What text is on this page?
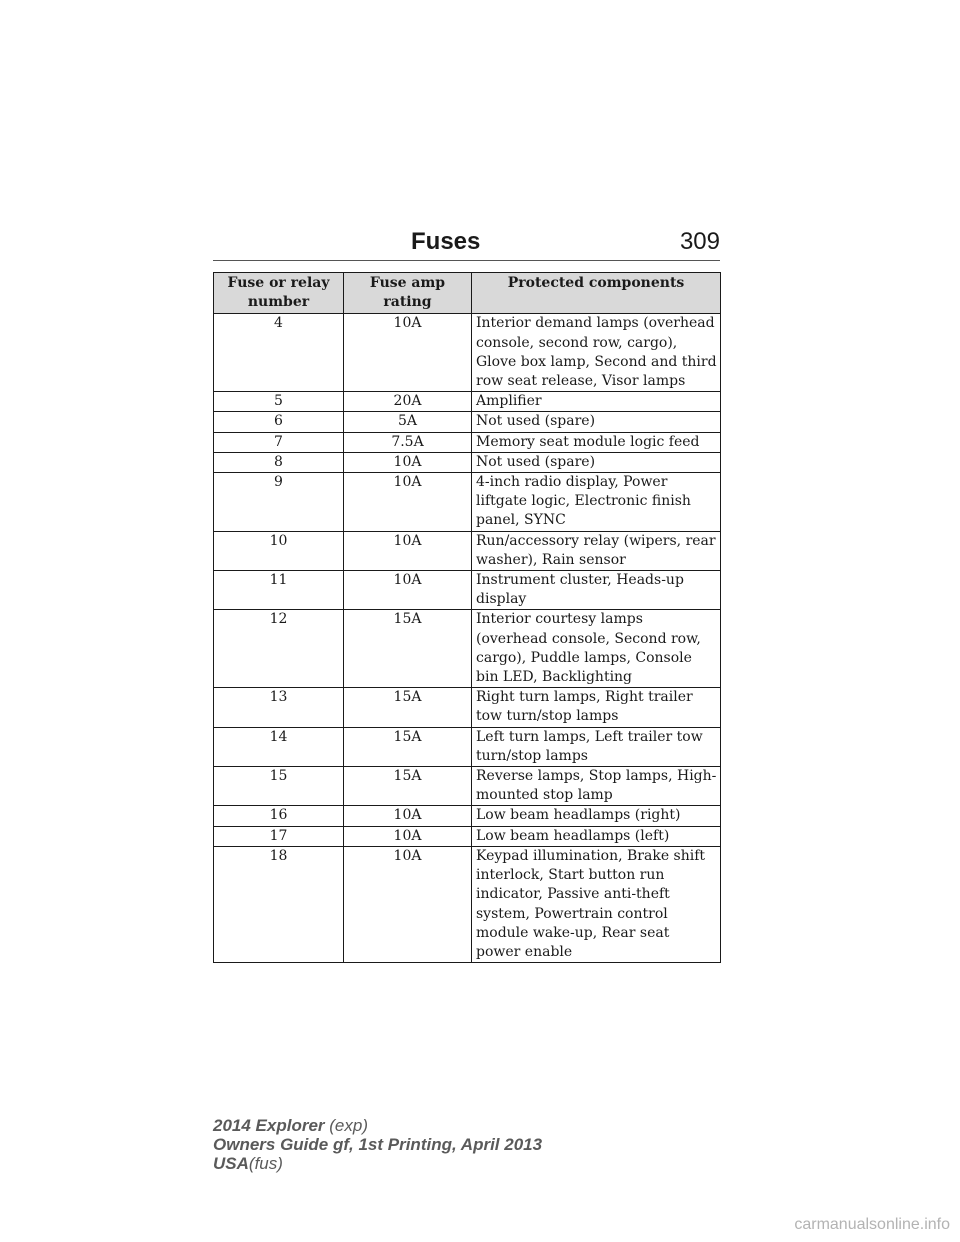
Fuses	309
Fuse or relay number	Fuse amp rating	Protected components
4	10A	Interior demand lamps (overhead console, second row, cargo), Glove box lamp, Second and third row seat release, Visor lamps
5	20A	Amplifier
6	5A	Not used (spare)
7	7.5A	Memory seat module logic feed
8	10A	Not used (spare)
9	10A	4-inch radio display, Power liftgate logic, Electronic finish panel, SYNC
10	10A	Run/accessory relay (wipers, rear washer), Rain sensor
11	10A	Instrument cluster, Heads-up display
12	15A	Interior courtesy lamps (overhead console, Second row, cargo), Puddle lamps, Console bin LED, Backlighting
13	15A	Right turn lamps, Right trailer tow turn/stop lamps
14	15A	Left turn lamps, Left trailer tow turn/stop lamps
15	15A	Reverse lamps, Stop lamps, High-mounted stop lamp
16	10A	Low beam headlamps (right)
17	10A	Low beam headlamps (left)
18	10A	Keypad illumination, Brake shift interlock, Start button run indicator, Passive anti-theft system, Powertrain control module wake-up, Rear seat power enable
2014 Explorer (exp)
Owners Guide gf, 1st Printing, April 2013
USA(fus)
carmanualsonline.info
